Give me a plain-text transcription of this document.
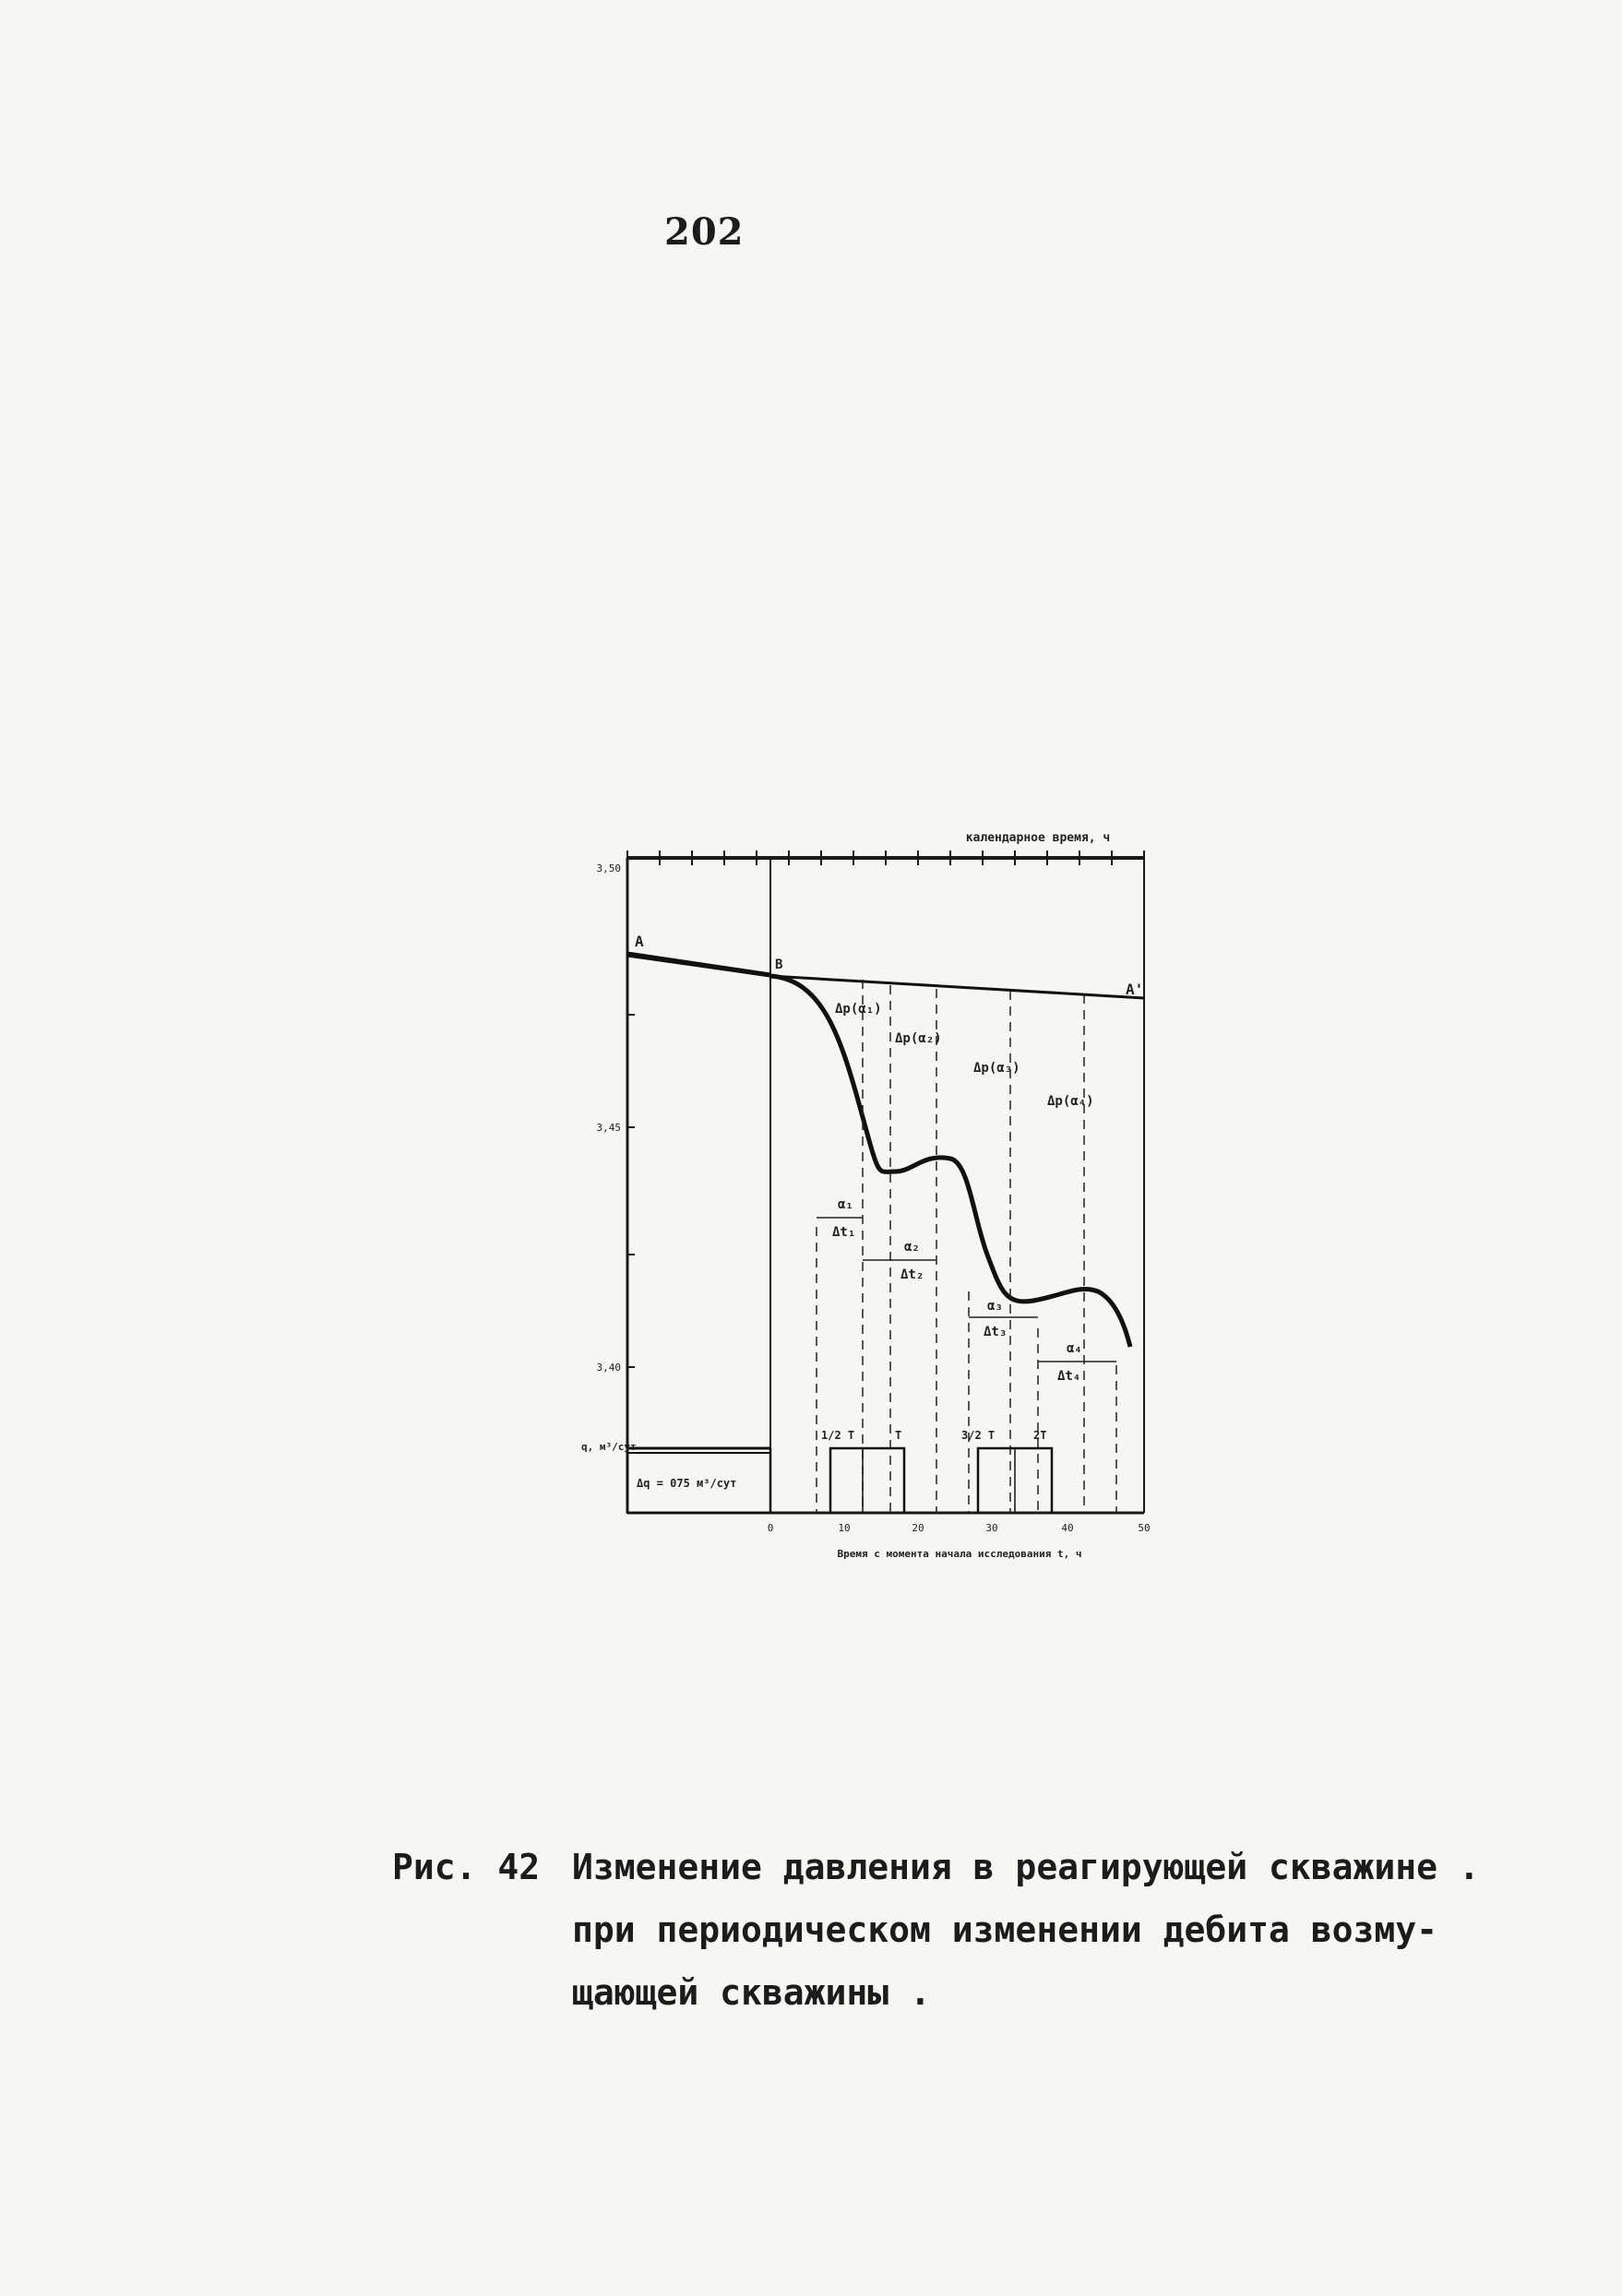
202
календарное время, ч
3,50
3,45
3,40
A
B
A'
Δp(α₁)
Δp(α₂)
Δp(α₃)
Δp(α₄)
α₁
Δt₁
α₂
Δt₂
α₃
Δt₃
α₄
Δt₄
Δq = 075 м³/сут
q, м³/сут
1/2 T	T	3/2 T	2T
0	10	20	30	40	50
Время с момента начала исследования t, ч
Рис. 42 Изменение давления в реагирующей скважине .
при периодическом изменении дебита возму-
щающей скважины .
